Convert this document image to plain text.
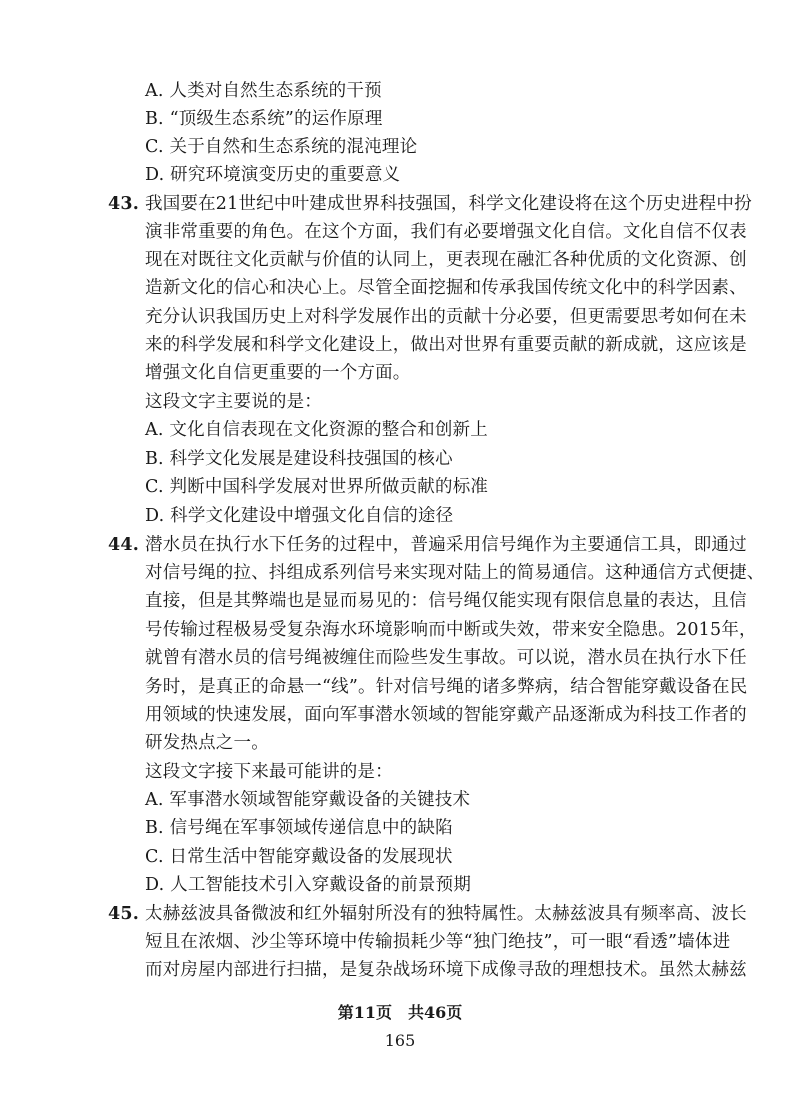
A. 人类对自然生态系统的干预
B. “顶级生态系统”的运作原理
C. 关于自然和生态系统的混沌理论
D. 研究环境演变历史的重要意义
43. 我国要在21世纪中叶建成世界科技强国，科学文化建设将在这个历史进程中扮
演非常重要的角色。在这个方面，我们有必要增强文化自信。文化自信不仅表
现在对既往文化贡献与价值的认同上，更表现在融汇各种优质的文化资源、创
造新文化的信心和决心上。尽管全面挖掘和传承我国传统文化中的科学因素、
充分认识我国历史上对科学发展作出的贡献十分必要，但更需要思考如何在未
来的科学发展和科学文化建设上，做出对世界有重要贡献的新成就，这应该是
增强文化自信更重要的一个方面。
这段文字主要说的是：
A. 文化自信表现在文化资源的整合和创新上
B. 科学文化发展是建设科技强国的核心
C. 判断中国科学发展对世界所做贡献的标准
D. 科学文化建设中增强文化自信的途径
44. 潜水员在执行水下任务的过程中，普遍采用信号绳作为主要通信工具，即通过
对信号绳的拉、抖组成系列信号来实现对陆上的简易通信。这种通信方式便捷、
直接，但是其弊端也是显而易见的：信号绳仅能实现有限信息量的表达，且信
号传输过程极易受复杂海水环境影响而中断或失效，带来安全隐患。2015年，
就曾有潜水员的信号绳被缠住而险些发生事故。可以说，潜水员在执行水下任
务时，是真正的命悬一“线”。针对信号绳的诸多弊病，结合智能穿戴设备在民
用领域的快速发展，面向军事潜水领域的智能穿戴产品逐渐成为科技工作者的
研发热点之一。
这段文字接下来最可能讲的是：
A. 军事潜水领域智能穿戴设备的关键技术
B. 信号绳在军事领域传递信息中的缺陷
C. 日常生活中智能穿戴设备的发展现状
D. 人工智能技术引入穿戴设备的前景预期
45. 太赫兹波具备微波和红外辐射所没有的独特属性。太赫兹波具有频率高、波长
短且在浓烟、沙尘等环境中传输损耗少等“独门绝技”，可一眼“看透”墙体进
而对房屋内部进行扫描，是复杂战场环境下成像寻敌的理想技术。虽然太赫兹
第11页　共46页
165
